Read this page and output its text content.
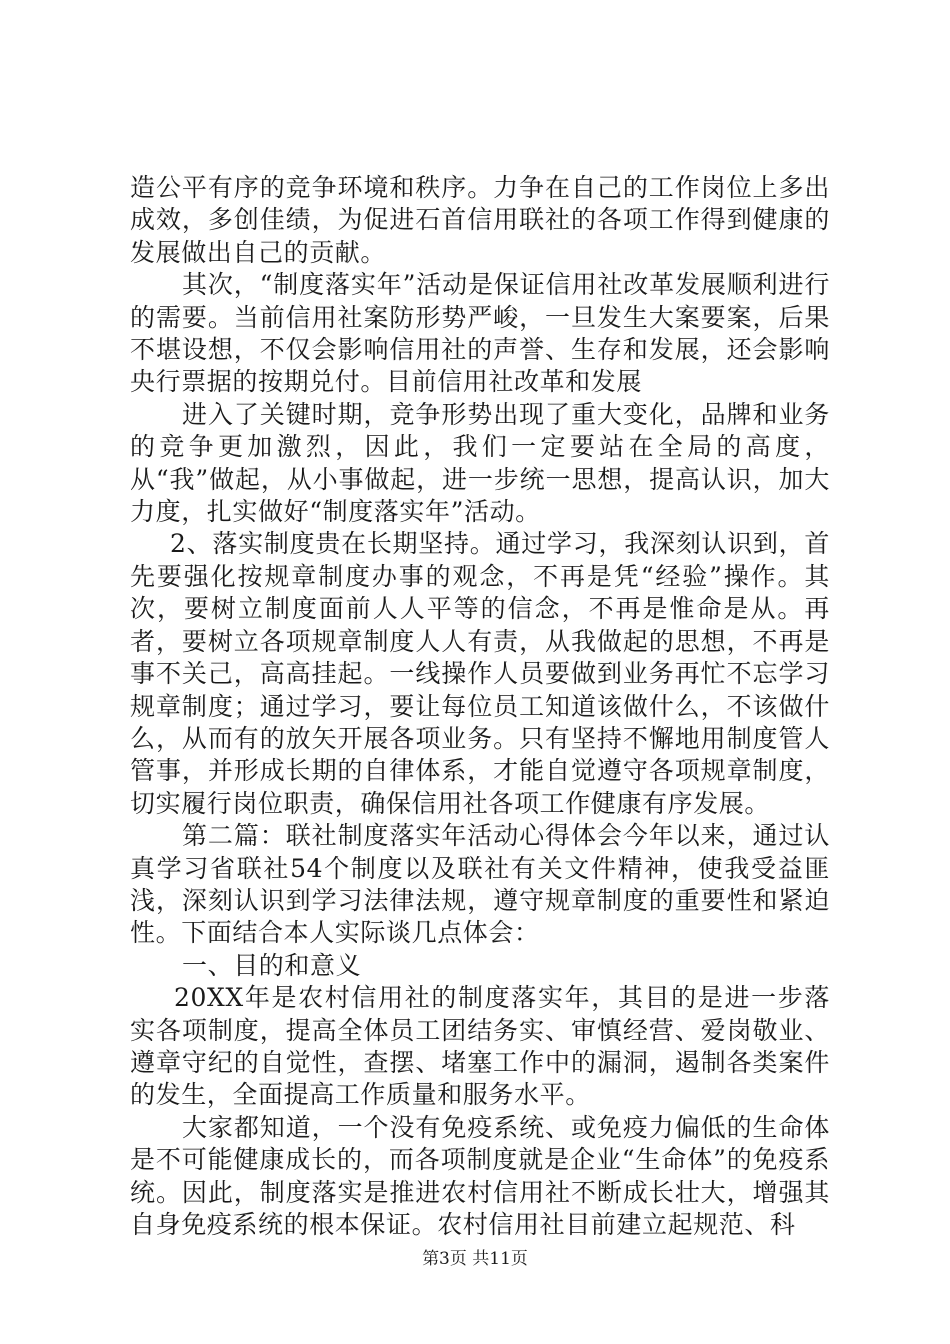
造公平有序的竞争环境和秩序。力争在自己的工作岗位上多出成效，多创佳绩，为促进石首信用联社的各项工作得到健康的发展做出自己的贡献。

其次，“制度落实年”活动是保证信用社改革发展顺利进行的需要。当前信用社案防形势严峻，一旦发生大案要案，后果不堪设想，不仅会影响信用社的声誉、生存和发展，还会影响央行票据的按期兑付。目前信用社改革和发展

进入了关键时期，竞争形势出现了重大变化，品牌和业务的竞争更加激烈，因此，我们一定要站在全局的高度，从“我”做起，从小事做起，进一步统一思想，提高认识，加大力度，扎实做好“制度落实年”活动。

2、落实制度贵在长期坚持。通过学习，我深刻认识到，首先要强化按规章制度办事的观念，不再是凭“经验”操作。其次，要树立制度面前人人平等的信念，不再是惟命是从。再者，要树立各项规章制度人人有责，从我做起的思想，不再是事不关己，高高挂起。一线操作人员要做到业务再忙不忘学习规章制度；通过学习，要让每位员工知道该做什么，不该做什么，从而有的放矢开展各项业务。只有坚持不懈地用制度管人管事，并形成长期的自律体系，才能自觉遵守各项规章制度，切实履行岗位职责，确保信用社各项工作健康有序发展。

第二篇：联社制度落实年活动心得体会今年以来，通过认真学习省联社54个制度以及联社有关文件精神，使我受益匪浅，深刻认识到学习法律法规，遵守规章制度的重要性和紧迫性。下面结合本人实际谈几点体会：

一、目的和意义

20XX年是农村信用社的制度落实年，其目的是进一步落实各项制度，提高全体员工团结务实、审慎经营、爱岗敬业、遵章守纪的自觉性，查摆、堵塞工作中的漏洞，遏制各类案件的发生，全面提高工作质量和服务水平。

大家都知道，一个没有免疫系统、或免疫力偏低的生命体是不可能健康成长的，而各项制度就是企业“生命体”的免疫系统。因此，制度落实是推进农村信用社不断成长壮大，增强其自身免疫系统的根本保证。农村信用社目前建立起规范、科

第3页 共11页
